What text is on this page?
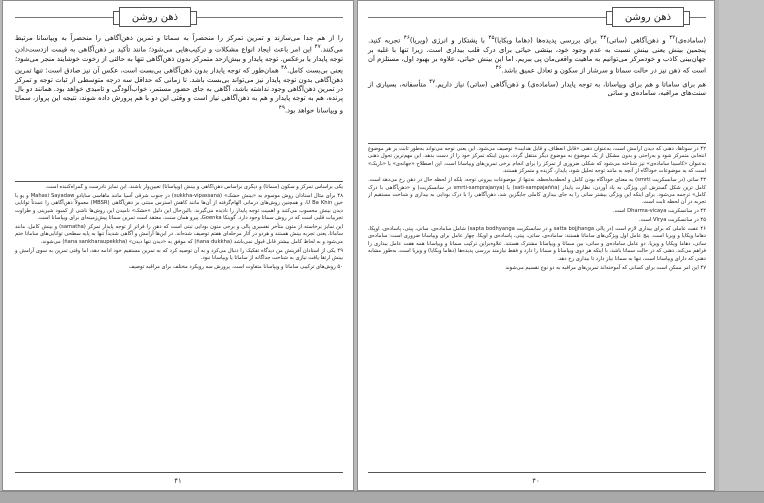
ذهن روشن

را از هم جدا می‌سازند و تمرین تمرکز را منحصراً به سماتا و تمرین ذهن‌آگاهی را منحصراً به ویپاسانا مرتبط می‌کنند.$^{۴۷}$ این امر باعث ایجاد انواع مشکلات و ترکیب‌هایی می‌شود؛ مانند تأکید بر ذهن‌آگاهی به قیمت ازدست‌دادن توجه پایدار یا برعکس. توجه پایدار و بیش‌ازحد متمرکز بدون ذهن‌آگاهی تنها به حالتی از رخوت خوشایند منجر می‌شود؛ یعنی بی‌بست کامل.$^{۴۸}$ همان‌طور که توجه پایدار بدون ذهن‌آگاهی بی‌بست است، عکس آن نیز صادق است: تنها تمرین ذهن‌آگاهی بدون توجه پایدار نیز می‌تواند بی‌بست باشد. تا زمانی که حداقل سه درجه متوسطی از ثبات توجه و تمرکز در تمرین ذهن‌آگاهی وجود نداشته باشد، آگاهی به جای حضور مستمر، خواب‌آلودگی و تامیدی خواهد بود. همانند دو بال پرنده، هم به توجه پایدار و هم به ذهن‌آگاهی نیاز است و وقتی این دو با هم پرورش داده شوند، نتیجه این پرواز، سماتا و ویپاسانا خواهد بود.$^{۴۹}$

یکی براساس تمرکز و سکون (سماتا) و دیگری براساس ذهن‌آگاهی و بینش (ویپاسانا) تعیین‌وار باشند. این تمایز نادرست و گمراه‌کننده است.

۴۸ برای مثال استادان روش موسوم به «بینش خشک» (sukkha-vipassana) در جنوب شرقی آسیا مانند ماهاسی سایادو Mahasi Sayadaw و یو با خین U Ba Khin، و همچنین روش‌های درمانی الهام‌گرفته از آن‌ها مانند کاهش استرس مبتنی بر ذهن‌آگاهی (MBSR) معمولاً ذهن‌آگاهی را عمدتاً توانایی دیدن بینش محسوب می‌کنند و اهمیت توجه پایدار را نادیده می‌گیرند. بالین‌حال این دلیل «خشک» نامیدن این روش‌ها ناشی از کمبود شیرینی و طراوت تجربیات قلبی است که در روش سماتا وجود دارد. گوینکا Goenka، پیرو همان سنت، معتقد است تمرین سماتا پیش‌زمینه‌ای برای ویپاسانا است.

این تمایز برخاسته از متون متأخر تفسیری پالی و برخی متون بودایی تبتی است که ذهن را فراتر از توجه پایدار تمرکز (samatha) و بینش کامل، مانند ساماتا، یعنی تجربه بینش هستند و هردو در آثار مرحله‌ای هفتم توصیف شده‌اند. در این‌ها آرامش و آگاهی شدیداً تنها به پایه سطحی توانایی‌های ساماتا ختم می‌شود و به لحاظ کامل بیشتر قابل قبول نمی‌باشد (ñana dukkha) که موفق به «دیدن تنها دیدن» (ñana sankharaupekkha) می‌شوند.

۴۹ یکی از استادان آفرینش من دیدگاه تفکیک را دنبال می‌کرد و به آن توصیه کرد که به تمرین مستقیم خود ادامه دهد، اما وقتی تمرین به سوی آرامش و بینش ارتقا یافت نیازی به شناخت جداگانه از ساماتا یا ویپاسانا نبود.

۵۰ روش‌های ترکیبی ساماتا و ویپاسانا متفاوت است. پرورش سه رویکرد مختلف برای مراقبه توصیف

۴۱
ذهن روشن

(ساماده‌ی)$^{۴۳}$ و ذهن‌آگاهی (ساتی)$^{۴۴}$ برای بررسی پدیده‌ها (دهاما ویکایا)$^{۴۵}$ با پشتکار و انرژی (ویریا)$^{۴۶}$ تجربه کنید. پنجمین بینش یعنی بینش نسبت به عدم وجود خود، بینشی حیاتی برای درک قلب بیداری است. زیرا تنها با غلبه بر جهان‌بینی کاذب و خودمرکز می‌توانیم به ماهیت واقعی‌مان پی ببریم. اما این بینش حیاتی، علاوه بر بهبود اول، مستلزم آن است که ذهن نیز در حالت سماتا و سرشار از سکون و تعادل عمیق باشد.$^{۴۶}$

هم برای ساماتا و هم برای ویپاسانا، به توجه پایدار (ساماده‌ی) و ذهن‌آگاهی (ساتی) نیاز داریم.$^{۴۷}$ متأسفانه، بسیاری از سنت‌های مراقبه، ساماده‌ی و ساتی

۴۲ در سوتاها، ذهنی که دیدن آرامش است، به‌عنوان ذهنی «قابل انعطاف و قابل هدایت» توصیف می‌شود. این یعنی توجه می‌تواند به‌طور ثابت بر هر موضوع انتخابی متمرکز شود و به‌راحتی و بدون مشکل از یک موضوع به موضوع دیگر منتقل گردد، بدون اینکه تمرکز خود را از دست بدهد. این مهم‌ترین تحول ذهنی به‌عنوان «کاسینا ساماده‌ی» نیز شناخته می‌شود که شکلی ضروری از تمرکز را برای انجام برخی تمرین‌های ویپاسانا است. این اصطلاح «جهانه‌ی» یا «باریک» است که به موضوعات خوداگاه از آنچه به مانند توجه تحلیل شود، پایدار، گزیده و متمرکز هستند.

۴۳ ساتی (در سانسکریت smrti) به معنای خوداگاه بودن کامل و لحظه‌به‌لحظه، نه‌تنها از موضوعات بیرونی توجه، بلکه از لحظه حال در ذهن رخ می‌دهد است. کامل ترین شکل گسترش این ویژگی به یاد آوردن، نظارت پایدار (sati-sampajañña) یا (smrti-samprajanya در سانسکریت) و «ذهن‌آگاهی با درک کامل» ترجمه می‌شود. برای اینکه این ویژگی بیشتر ساتی را به جای بیداری کاملی جایگزین شد، ذهن‌آگاهی را با درک بودایی به بیداری و شناخت مستقیم از تجربه در آن لحظه ثابت است.

۴۴ در سانسکریت Dharma-vicaya است.

۴۵ در سانسکریت Vīrya است.

۴۶ عفت عاملی که برای بیداری لازم است (در پالی satta bojjhanga و در سانسکریت sapta bodhyanga) شامل ساماده‌ی، ساتی، پیتی، پاساده‌ی، اوپکا، دهاما ویکایا و ویریا است. پنج عامل اول ویژگی‌های ساماتا هستند: ساماده‌ی، ساتی، پیتی، پاساده‌ی و اوپکا. چهار عامل برای ویپاسانا ضروری است: ساماده‌ی ساتی، دهاما ویکایا و ویریا. دو عامل ساماده‌ی و ساتی، بین سماتا و ویپاسانا مشترک هستند. علاوه‌براین ترکیب سماتا و ویپاسانا همه هفت عامل بیداری را فراهم می‌کند. ذهنی که در حالت سماتا باشد، با اینکه هر دوی ویپاسانا و سماتا را دارد و فقط نیازمند بررسی پدیده‌ها (دهاما ویکایا) و ویریا است، به‌طور مشابه ذهنی که دارای ویپاسانا است، تنها به سماتا نیاز دارد تا بیداری رخ دهد.

۴۷ این امر ممکن است برای کسانی که آموخته‌اند تمرین‌های مراقبه به دو نوع تقسیم می‌شوند

۴۰
